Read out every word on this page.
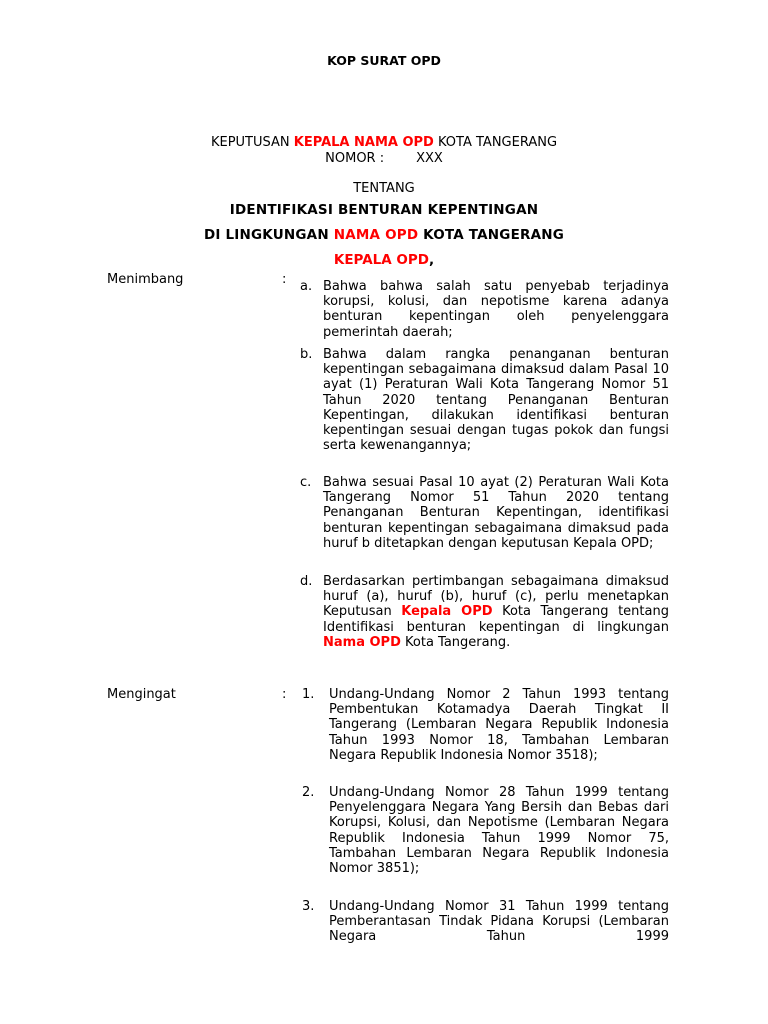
KOP SURAT OPD
KEPUTUSAN KEPALA NAMA OPD KOTA TANGERANG
NOMOR : XXX
TENTANG
IDENTIFIKASI BENTURAN KEPENTINGAN
DI LINGKUNGAN NAMA OPD KOTA TANGERANG
KEPALA OPD,
Menimbang	: a. Bahwa bahwa salah satu penyebab terjadinya korupsi, kolusi, dan nepotisme karena adanya benturan kepentingan oleh penyelenggara pemerintah daerah;
b. Bahwa dalam rangka penanganan benturan kepentingan sebagaimana dimaksud dalam Pasal 10 ayat (1) Peraturan Wali Kota Tangerang Nomor 51 Tahun 2020 tentang Penanganan Benturan Kepentingan, dilakukan identifikasi benturan kepentingan sesuai dengan tugas pokok dan fungsi serta kewenangannya;
c. Bahwa sesuai Pasal 10 ayat (2) Peraturan Wali Kota Tangerang Nomor 51 Tahun 2020 tentang Penanganan Benturan Kepentingan, identifikasi benturan kepentingan sebagaimana dimaksud pada huruf b ditetapkan dengan keputusan Kepala OPD;
d. Berdasarkan pertimbangan sebagaimana dimaksud huruf (a), huruf (b), huruf (c), perlu menetapkan Keputusan Kepala OPD Kota Tangerang tentang Identifikasi benturan kepentingan di lingkungan Nama OPD Kota Tangerang.
Mengingat	: 1. Undang-Undang Nomor 2 Tahun 1993 tentang Pembentukan Kotamadya Daerah Tingkat II Tangerang (Lembaran Negara Republik Indonesia Tahun 1993 Nomor 18, Tambahan Lembaran Negara Republik Indonesia Nomor 3518);
2. Undang-Undang Nomor 28 Tahun 1999 tentang Penyelenggara Negara Yang Bersih dan Bebas dari Korupsi, Kolusi, dan Nepotisme (Lembaran Negara Republik Indonesia Tahun 1999 Nomor 75, Tambahan Lembaran Negara Republik Indonesia Nomor 3851);
3. Undang-Undang Nomor 31 Tahun 1999 tentang Pemberantasan Tindak Pidana Korupsi (Lembaran Negara Tahun 1999
